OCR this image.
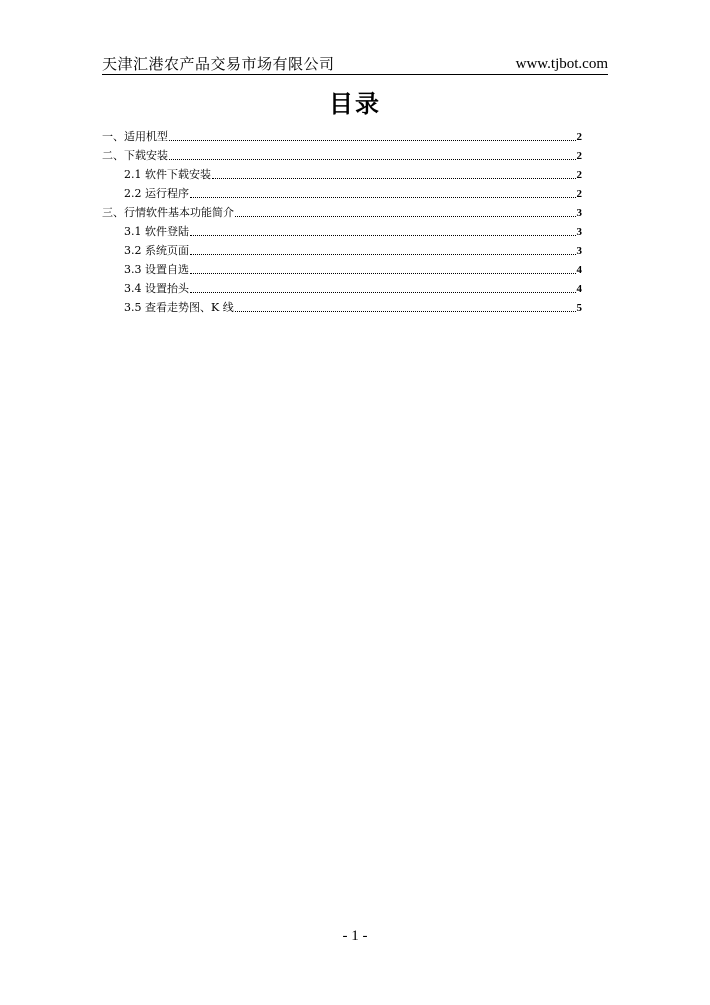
天津汇港农产品交易市场有限公司	www.tjbot.com
目录
一、适用机型	2
二、下载安装	2
2.1 软件下载安装	2
2.2 运行程序	2
三、行情软件基本功能简介	3
3.1 软件登陆	3
3.2 系统页面	3
3.3 设置自选	4
3.4 设置抬头	4
3.5 查看走势图、K 线	5
- 1 -
